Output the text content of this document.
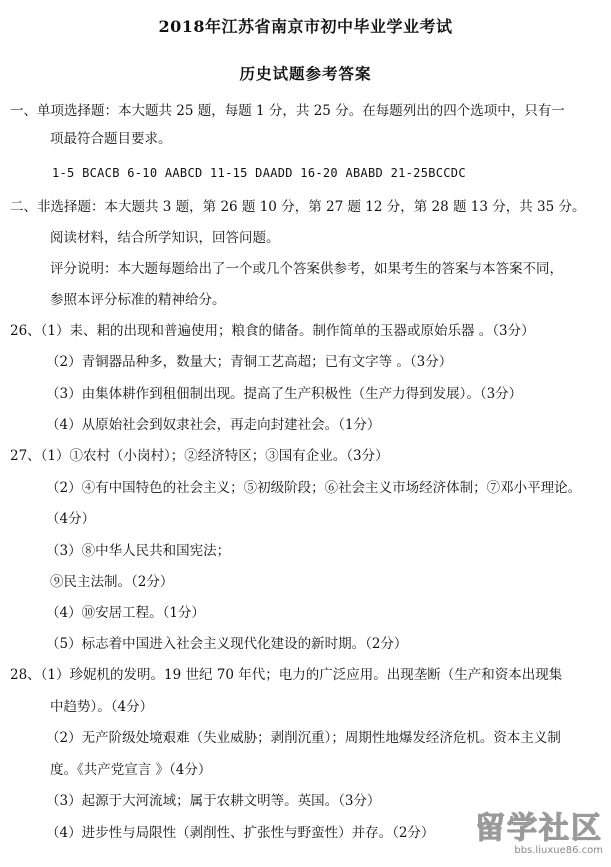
2018年江苏省南京市初中毕业学业考试
历史试题参考答案
一、单项选择题：本大题共 25 题，每题 1 分，共 25 分。在每题列出的四个选项中，只有一
项最符合题目要求。
1-5 BCACB 6-10 AABCD 11-15 DAADD 16-20 ABABD 21-25BCCDC
二、非选择题：本大题共 3 题，第 26 题 10 分，第 27 题 12 分，第 28 题 13 分，共 35 分。
阅读材料，结合所学知识，回答问题。
评分说明：本大题每题给出了一个或几个答案供参考，如果考生的答案与本答案不同，
参照本评分标准的精神给分。
26、（1）耒、耜的出现和普遍使用；粮食的储备。制作简单的玉器或原始乐器 。（3分）
（2）青铜器品种多，数量大；青铜工艺高超；已有文字等 。（3分）
（3）由集体耕作到租佃制出现。提高了生产积极性（生产力得到发展）。（3分）
（4）从原始社会到奴隶社会，再走向封建社会。（1分）
27、（1）①农村（小岗村）；②经济特区；③国有企业。（3分）
（2）④有中国特色的社会主义；⑤初级阶段；⑥社会主义市场经济体制；⑦邓小平理论。
（4分）
（3）⑧中华人民共和国宪法；
⑨民主法制。（2分）
（4）⑩安居工程。（1分）
（5）标志着中国进入社会主义现代化建设的新时期。（2分）
28、（1）珍妮机的发明。19 世纪 70 年代；电力的广泛应用。出现垄断（生产和资本出现集
中趋势）。（4分）
（2）无产阶级处境艰难（失业威胁；剥削沉重）；周期性地爆发经济危机。资本主义制
度。《共产党宣言 》（4分）
（3）起源于大河流域；属于农耕文明等。英国。（3分）
（4）进步性与局限性（剥削性、扩张性与野蛮性）并存。（2分） 留学社区
bbs.liuxue86.com
